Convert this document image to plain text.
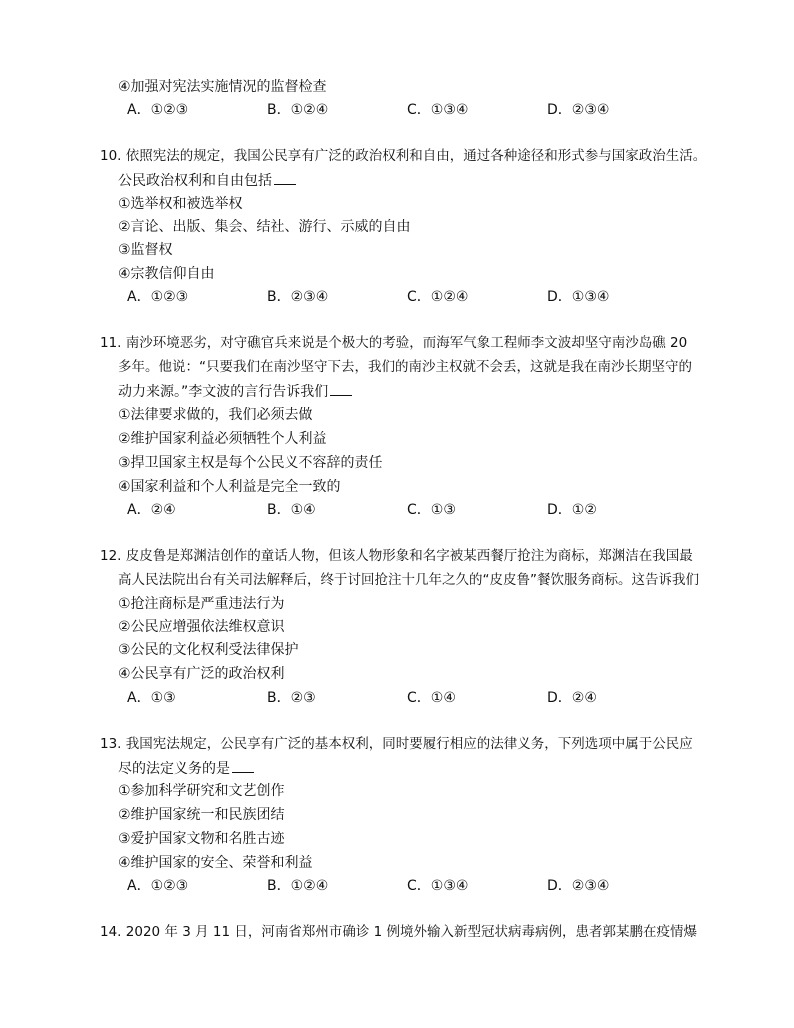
④加强对宪法实施情况的监督检查
A．①②③	B．①②④	C．①③④	D．②③④
10. 依照宪法的规定，我国公民享有广泛的政治权利和自由，通过各种途径和形式参与国家政治生活。
公民政治权利和自由包括
①选举权和被选举权
②言论、出版、集会、结社、游行、示威的自由
③监督权
④宗教信仰自由
A．①②③	B．②③④	C．①②④	D．①③④
11. 南沙环境恶劣，对守礁官兵来说是个极大的考验，而海军气象工程师李文波却坚守南沙岛礁 20
多年。他说：“只要我们在南沙坚守下去，我们的南沙主权就不会丢，这就是我在南沙长期坚守的
动力来源。”李文波的言行告诉我们
①法律要求做的，我们必须去做
②维护国家利益必须牺牲个人利益
③捍卫国家主权是每个公民义不容辞的责任
④国家利益和个人利益是完全一致的
A．②④	B．①④	C．①③	D．①②
12. 皮皮鲁是郑渊洁创作的童话人物，但该人物形象和名字被某西餐厅抢注为商标，郑渊洁在我国最
高人民法院出台有关司法解释后，终于讨回抢注十几年之久的“皮皮鲁”餐饮服务商标。这告诉我们
①抢注商标是严重违法行为
②公民应增强依法维权意识
③公民的文化权利受法律保护
④公民享有广泛的政治权利
A．①③	B．②③	C．①④	D．②④
13. 我国宪法规定，公民享有广泛的基本权利，同时要履行相应的法律义务，下列选项中属于公民应
尽的法定义务的是
①参加科学研究和文艺创作
②维护国家统一和民族团结
③爱护国家文物和名胜古迹
④维护国家的安全、荣誉和利益
A．①②③	B．①②④	C．①③④	D．②③④
14. 2020 年 3 月 11 日，河南省郑州市确诊 1 例境外输入新型冠状病毒病例，患者郭某鹏在疫情爆
